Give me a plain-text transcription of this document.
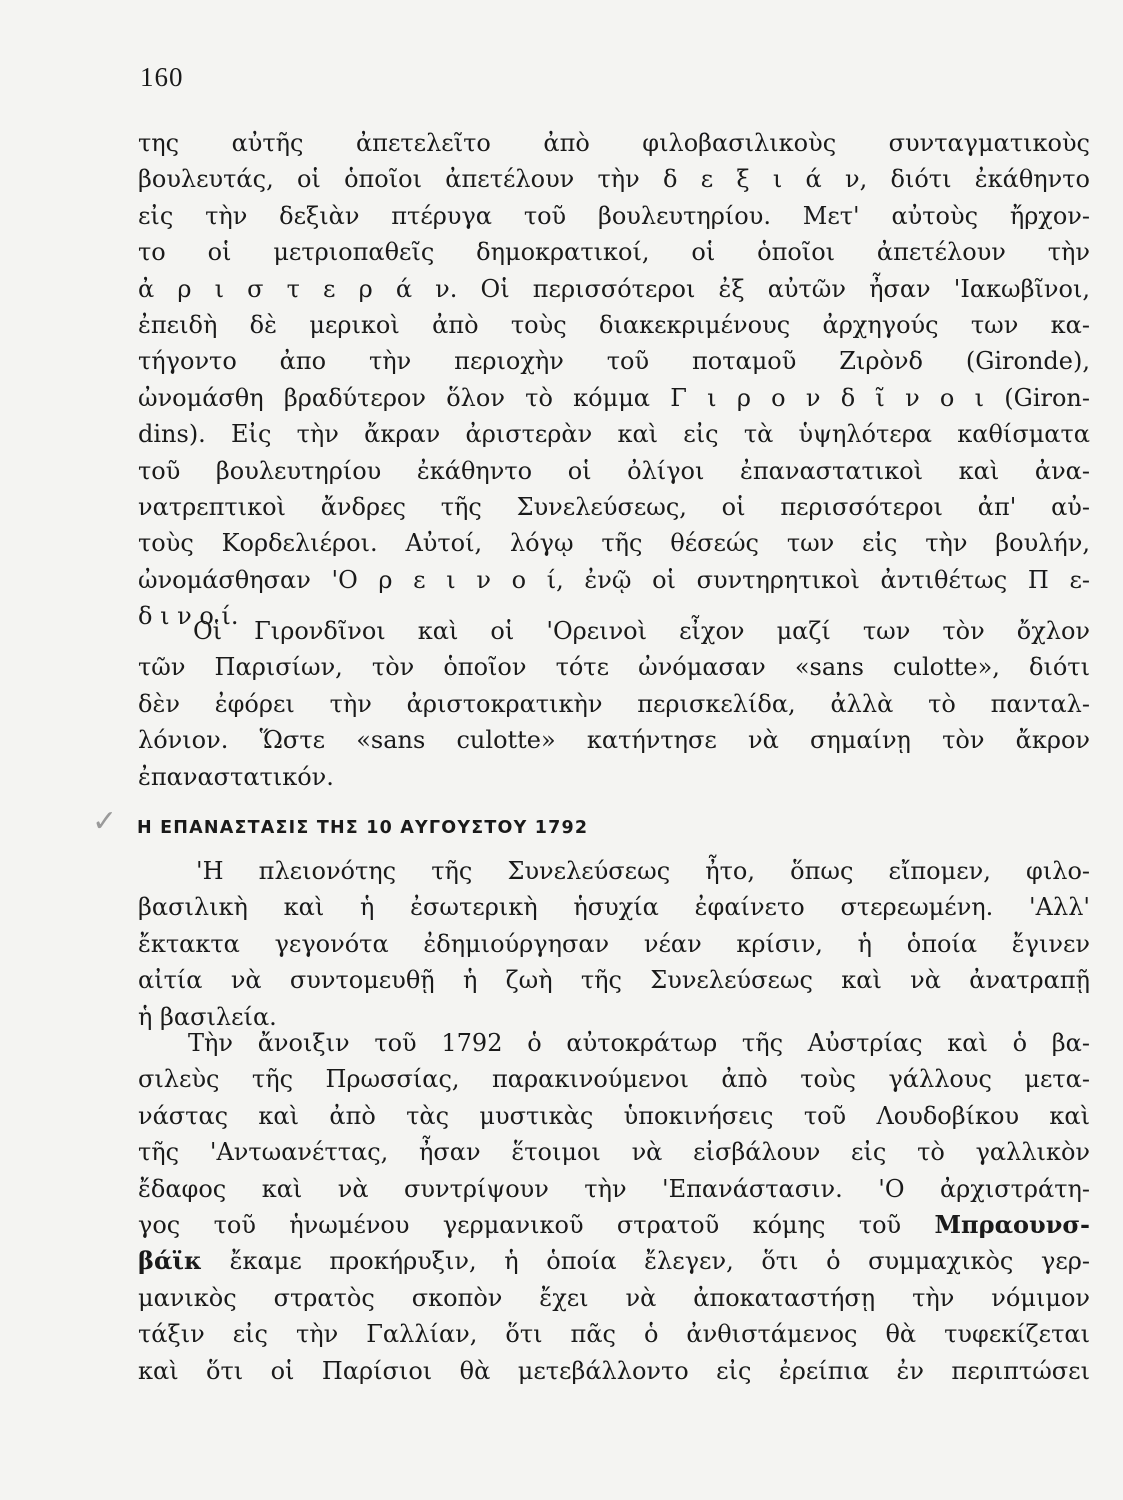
160
της αὐτῆς ἀπετελεῖτο ἀπὸ φιλοβασιλικοὺς συνταγματικοὺς
βουλευτάς, οἱ ὁποῖοι ἀπετέλουν τὴν δ ε ξ ι ά ν, διότι ἐκάθηντο
εἰς τὴν δεξιὰν πτέρυγα τοῦ βουλευτηρίου. Μετ' αὐτοὺς ἤρχον-
το οἱ μετριοπαθεῖς δημοκρατικοί, οἱ ὁποῖοι ἀπετέλουν τὴν
ἀ ρ ι σ τ ε ρ ά ν. Οἱ περισσότεροι ἐξ αὐτῶν ἦσαν 'Ιακωβῖνοι,
ἐπειδὴ δὲ μερικοὶ ἀπὸ τοὺς διακεκριμένους ἀρχηγούς των κα-
τήγοντο ἀπο τὴν περιοχὴν τοῦ ποταμοῦ Ζιρὸνδ (Gironde),
ὠνομάσθη βραδύτερον ὅλον τὸ κόμμα Γ ι ρ ο ν δ ῖ ν ο ι (Giron-
dins). Εἰς τὴν ἄκραν ἀριστερὰν καὶ εἰς τὰ ὑψηλότερα καθίσματα
τοῦ βουλευτηρίου ἐκάθηντο οἱ ὀλίγοι ἐπαναστατικοὶ καὶ ἀνα-
νατρεπτικοὶ ἄνδρες τῆς Συνελεύσεως, οἱ περισσότεροι ἀπ' αὐ-
τοὺς Κορδελιέροι. Αὐτοί, λόγῳ τῆς θέσεώς των εἰς τὴν βουλήν,
ὠνομάσθησαν 'Ο ρ ε ι ν ο ί, ἐνῷ οἱ συντηρητικοὶ ἀντιθέτως Π ε-
δ ι ν ο ί.
Οἱ Γιρονδῖνοι καὶ οἱ 'Ορεινοὶ εἶχον μαζί των τὸν ὄχλον
τῶν Παρισίων, τὸν ὁποῖον τότε ὠνόμασαν «sans culotte», διότι
δὲν ἐφόρει τὴν ἀριστοκρατικὴν περισκελίδα, ἀλλὰ τὸ πανταλ-
λόνιον. Ὥστε «sans culotte» κατήντησε νὰ σημαίνῃ τὸν ἄκρον
ἐπαναστατικόν.
✓ Η ΕΠΑΝΑΣΤΑΣΙΣ ΤΗΣ 10 ΑΥΓΟΥΣΤΟΥ 1792
'Η πλειονότης τῆς Συνελεύσεως ἦτο, ὅπως εἴπομεν, φιλο-
βασιλικὴ καὶ ἡ ἐσωτερικὴ ἡσυχία ἐφαίνετο στερεωμένη. 'Αλλ'
ἔκτακτα γεγονότα ἐδημιούργησαν νέαν κρίσιν, ἡ ὁποία ἔγινεν
αἰτία νὰ συντομευθῇ ἡ ζωὴ τῆς Συνελεύσεως καὶ νὰ ἀνατραπῇ
ἡ βασιλεία.
Τὴν ἄνοιξιν τοῦ 1792 ὁ αὐτοκράτωρ τῆς Αὐστρίας καὶ ὁ βα-
σιλεὺς τῆς Πρωσσίας, παρακινούμενοι ἀπὸ τοὺς γάλλους μετα-
νάστας καὶ ἀπὸ τὰς μυστικὰς ὑποκινήσεις τοῦ Λουδοβίκου καὶ
τῆς 'Αντωανέττας, ἦσαν ἕτοιμοι νὰ εἰσβάλουν εἰς τὸ γαλλικὸν
ἔδαφος καὶ νὰ συντρίψουν τὴν 'Επανάστασιν. 'Ο ἀρχιστράτη-
γος τοῦ ἡνωμένου γερμανικοῦ στρατοῦ κόμης τοῦ Μπραουνσ-
βάϊκ ἔκαμε προκήρυξιν, ἡ ὁποία ἔλεγεν, ὅτι ὁ συμμαχικὸς γερ-
μανικὸς στρατὸς σκοπὸν ἔχει νὰ ἀποκαταστήσῃ τὴν νόμιμον
τάξιν εἰς τὴν Γαλλίαν, ὅτι πᾶς ὁ ἀνθιστάμενος θὰ τυφεκίζεται
καὶ ὅτι οἱ Παρίσιοι θὰ μετεβάλλοντο εἰς ἐρείπια ἐν περιπτώσει
